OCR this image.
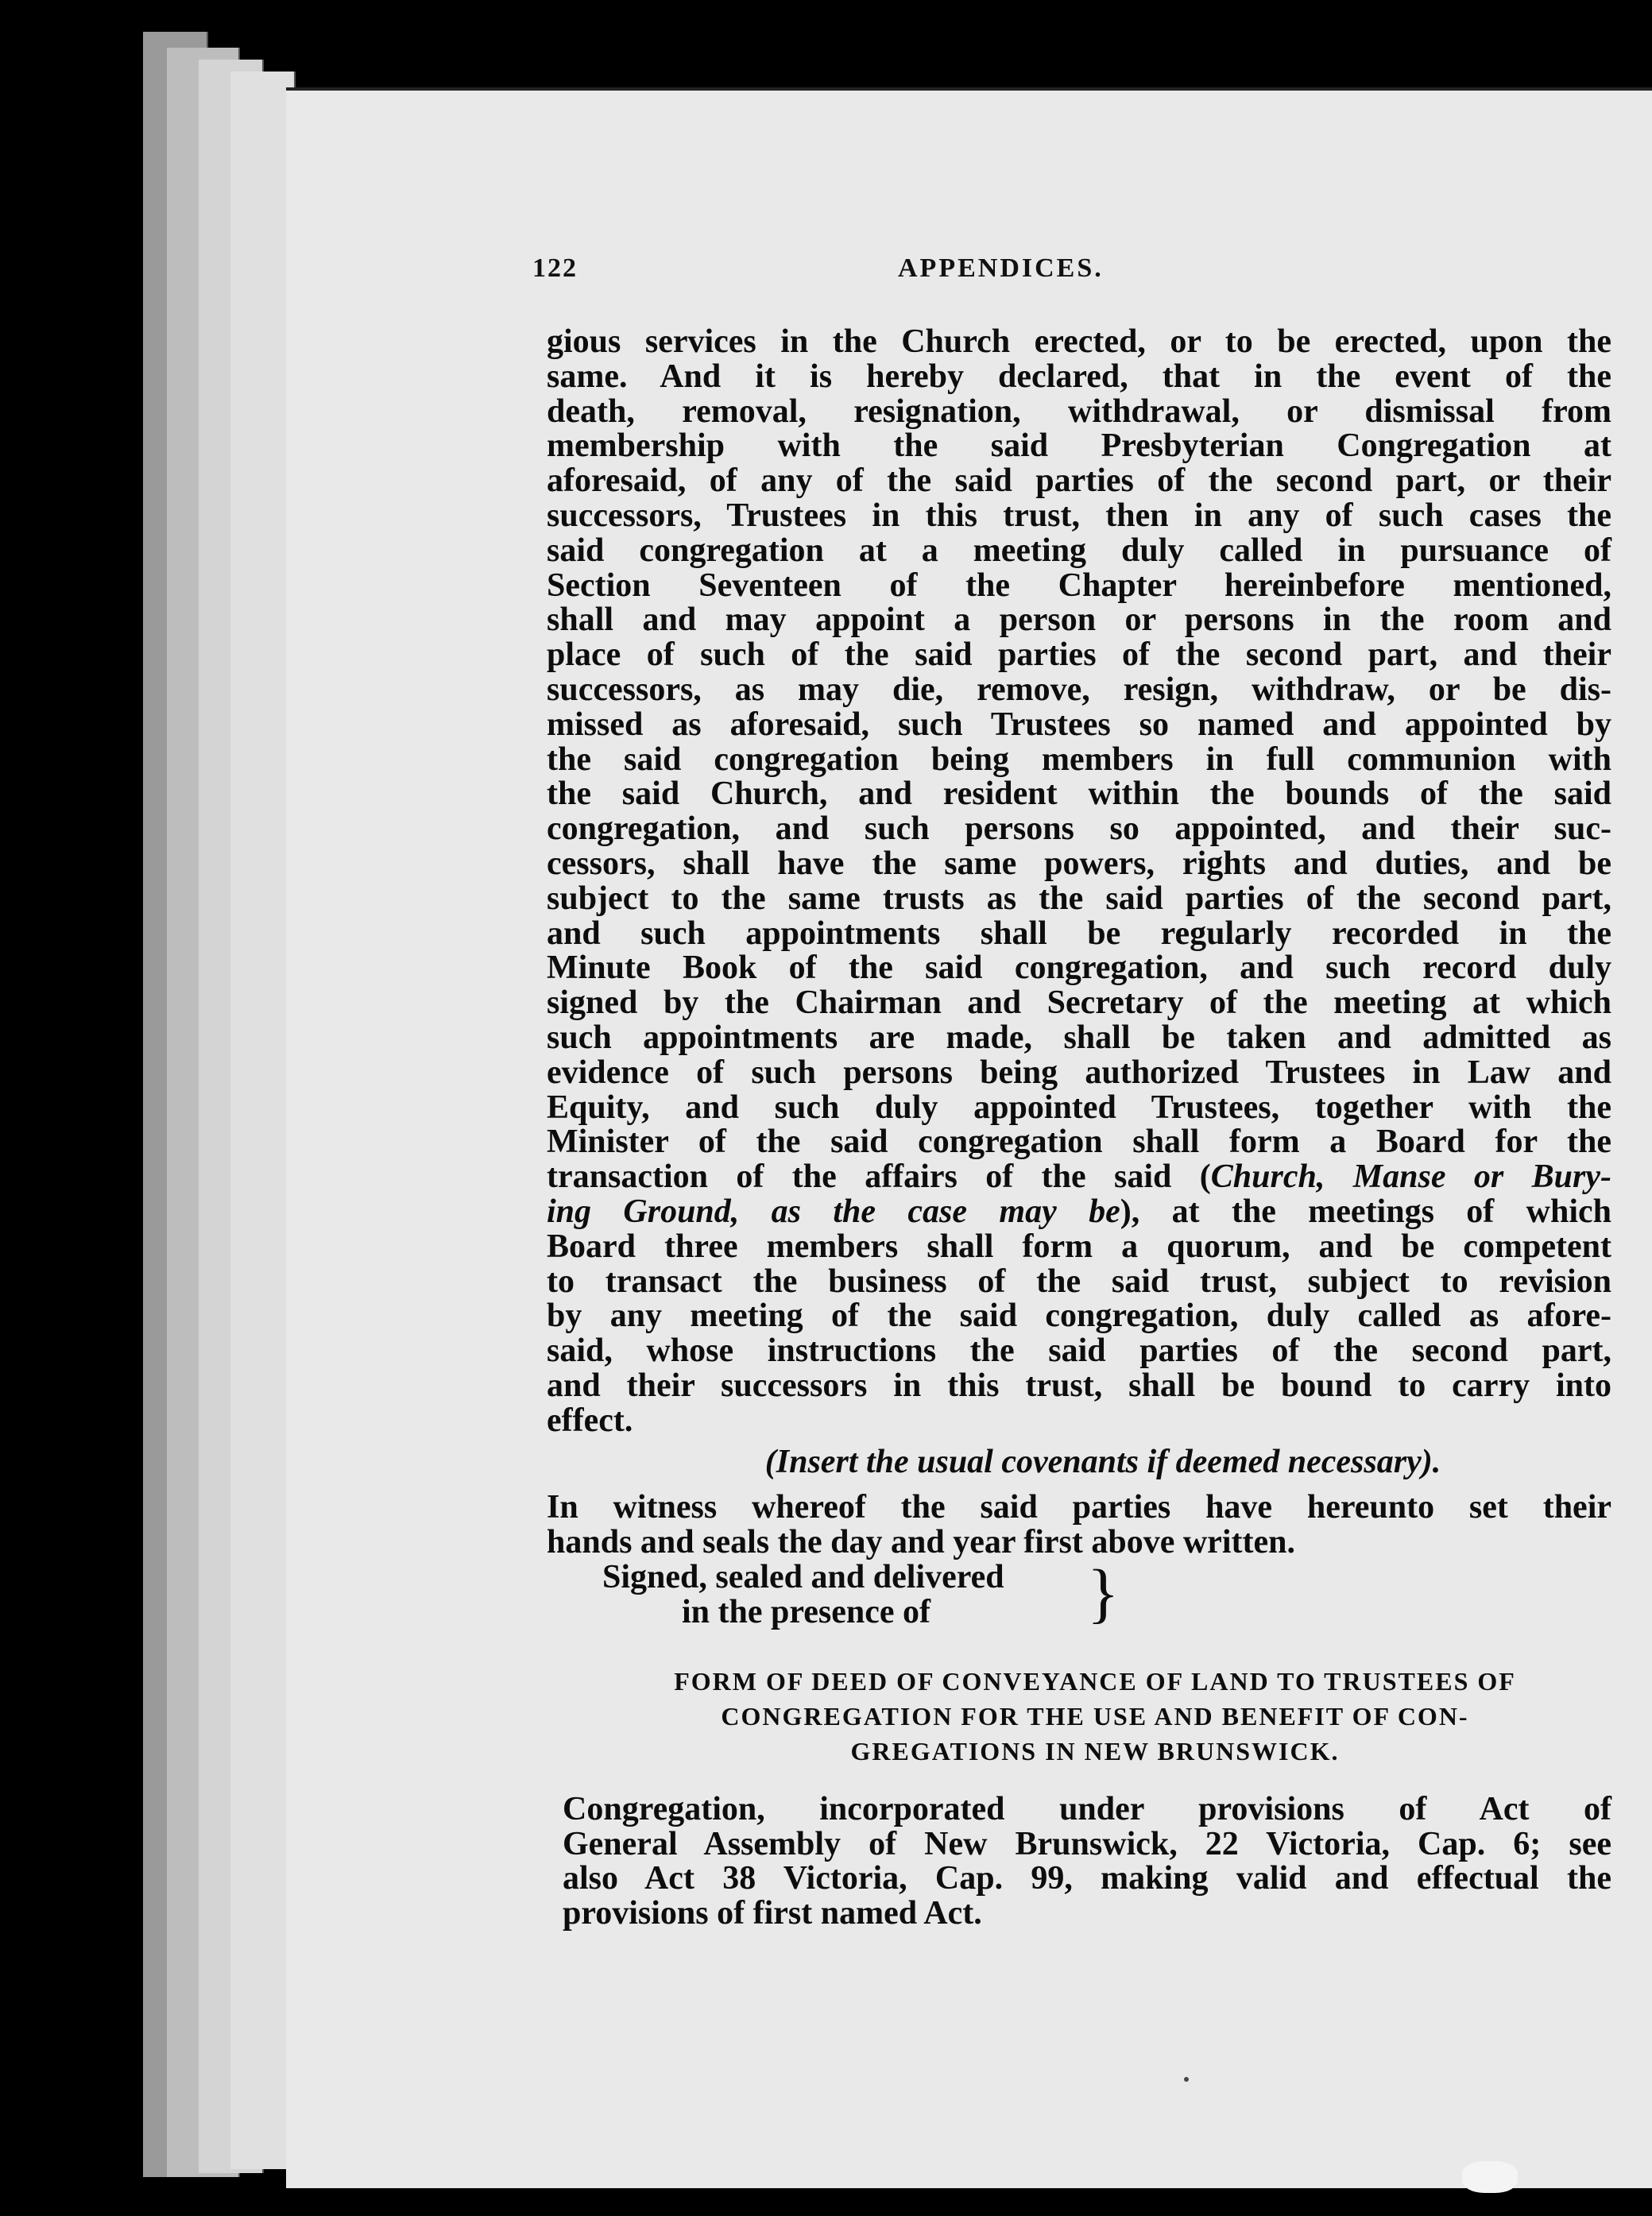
122	APPENDICES.

gious services in the Church erected, or to be erected, upon the
same. And it is hereby declared, that in the event of the
death, removal, resignation, withdrawal, or dismissal from
membership with the said Presbyterian Congregation at
aforesaid, of any of the said parties of the second part, or their
successors, Trustees in this trust, then in any of such cases the
said congregation at a meeting duly called in pursuance of
Section Seventeen of the Chapter hereinbefore mentioned,
shall and may appoint a person or persons in the room and
place of such of the said parties of the second part, and their
successors, as may die, remove, resign, withdraw, or be dis-
missed as aforesaid, such Trustees so named and appointed by
the said congregation being members in full communion with
the said Church, and resident within the bounds of the said
congregation, and such persons so appointed, and their suc-
cessors, shall have the same powers, rights and duties, and be
subject to the same trusts as the said parties of the second part,
and such appointments shall be regularly recorded in the
Minute Book of the said congregation, and such record duly
signed by the Chairman and Secretary of the meeting at which
such appointments are made, shall be taken and admitted as
evidence of such persons being authorized Trustees in Law and
Equity, and such duly appointed Trustees, together with the
Minister of the said congregation shall form a Board for the
transaction of the affairs of the said (Church, Manse or Bury-
ing Ground, as the case may be), at the meetings of which
Board three members shall form a quorum, and be competent
to transact the business of the said trust, subject to revision
by any meeting of the said congregation, duly called as afore-
said, whose instructions the said parties of the second part,
and their successors in this trust, shall be bound to carry into
effect.

(Insert the usual covenants if deemed necessary).

In witness whereof the said parties have hereunto set their
hands and seals the day and year first above written.

Signed, sealed and delivered
in the presence of }

FORM OF DEED OF CONVEYANCE OF LAND TO TRUSTEES OF
CONGREGATION FOR THE USE AND BENEFIT OF CON-
GREGATIONS IN NEW BRUNSWICK.

Congregation, incorporated under provisions of Act of
General Assembly of New Brunswick, 22 Victoria, Cap. 6; see
also Act 38 Victoria, Cap. 99, making valid and effectual the
provisions of first named Act.
